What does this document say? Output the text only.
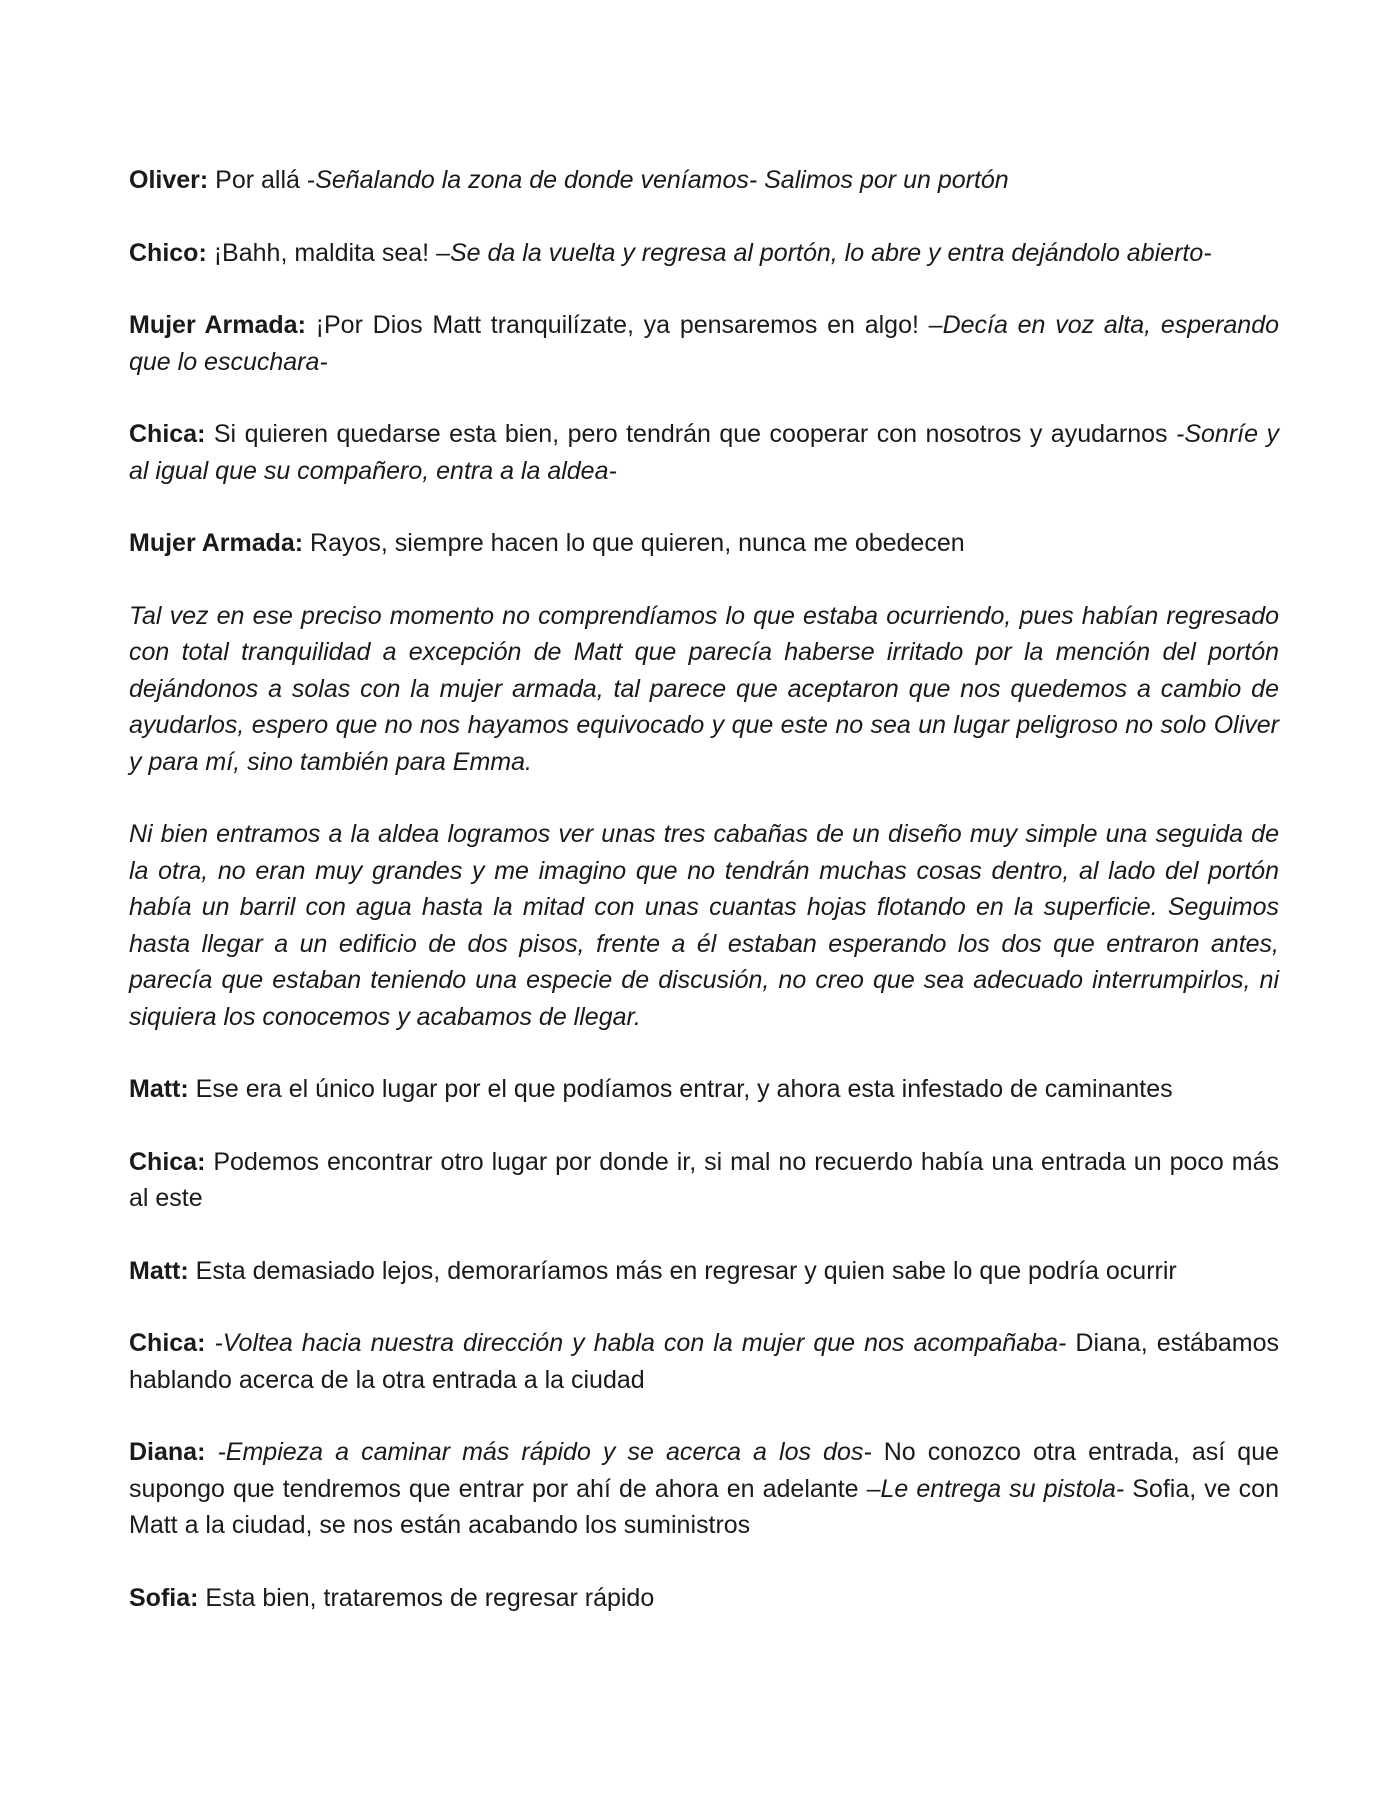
Oliver: Por allá -Señalando la zona de donde veníamos- Salimos por un portón

Chico: ¡Bahh, maldita sea! –Se da la vuelta y regresa al portón, lo abre y entra dejándolo abierto-

Mujer Armada: ¡Por Dios Matt tranquilízate, ya pensaremos en algo! –Decía en voz alta, esperando que lo escuchara-

Chica: Si quieren quedarse esta bien, pero tendrán que cooperar con nosotros y ayudarnos -Sonríe y al igual que su compañero, entra a la aldea-

Mujer Armada: Rayos, siempre hacen lo que quieren, nunca me obedecen

Tal vez en ese preciso momento no comprendíamos lo que estaba ocurriendo, pues habían regresado con total tranquilidad a excepción de Matt que parecía haberse irritado por la mención del portón dejándonos a solas con la mujer armada, tal parece que aceptaron que nos quedemos a cambio de ayudarlos, espero que no nos hayamos equivocado y que este no sea un lugar peligroso no solo Oliver y para mí, sino también para Emma.

Ni bien entramos a la aldea logramos ver unas tres cabañas de un diseño muy simple una seguida de la otra, no eran muy grandes y me imagino que no tendrán muchas cosas dentro, al lado del portón había un barril con agua hasta la mitad con unas cuantas hojas flotando en la superficie. Seguimos hasta llegar a un edificio de dos pisos, frente a él estaban esperando los dos que entraron antes, parecía que estaban teniendo una especie de discusión, no creo que sea adecuado interrumpirlos, ni siquiera los conocemos y acabamos de llegar.

Matt: Ese era el único lugar por el que podíamos entrar, y ahora esta infestado de caminantes

Chica: Podemos encontrar otro lugar por donde ir, si mal no recuerdo había una entrada un poco más al este

Matt: Esta demasiado lejos, demoraríamos más en regresar y quien sabe lo que podría ocurrir

Chica: -Voltea hacia nuestra dirección y habla con la mujer que nos acompañaba- Diana, estábamos hablando acerca de la otra entrada a la ciudad

Diana: -Empieza a caminar más rápido y se acerca a los dos- No conozco otra entrada, así que supongo que tendremos que entrar por ahí de ahora en adelante –Le entrega su pistola- Sofia, ve con Matt a la ciudad, se nos están acabando los suministros

Sofia: Esta bien, trataremos de regresar rápido
